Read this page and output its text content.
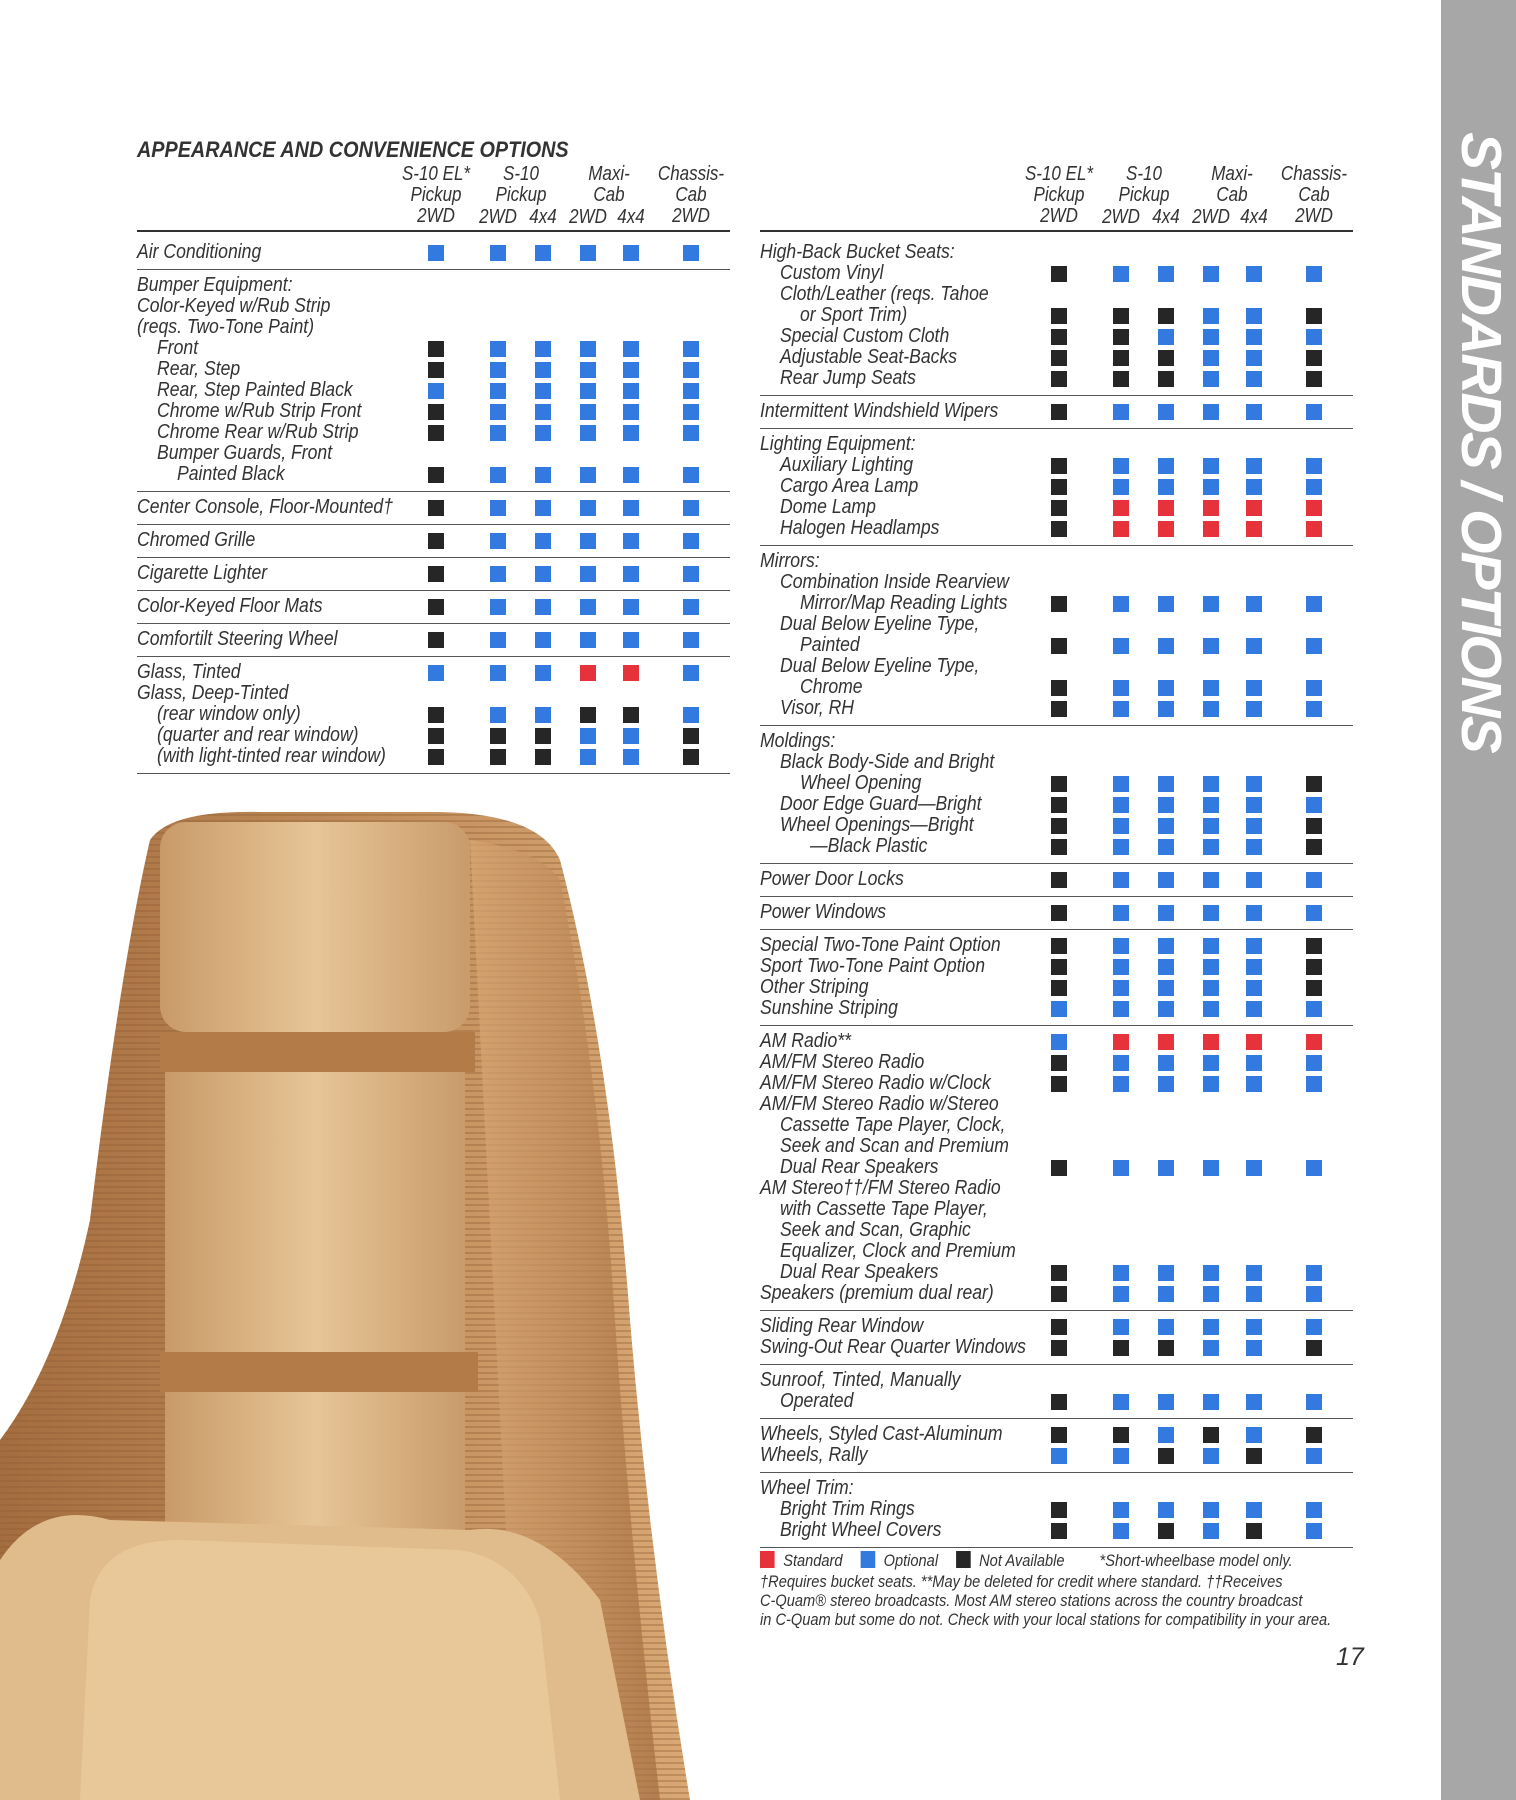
STANDARDS / OPTIONS
APPEARANCE AND CONVENIENCE OPTIONS
S-10 EL*
Pickup
2WD
S-10
Pickup
2WD 4x4
Maxi-
Cab
2WD 4x4
Chassis-
Cab
2WD
Air Conditioning
Bumper Equipment:
Color-Keyed w/Rub Strip
(reqs. Two-Tone Paint)
Front
Rear, Step
Rear, Step Painted Black
Chrome w/Rub Strip Front
Chrome Rear w/Rub Strip
Bumper Guards, Front
Painted Black
Center Console, Floor-Mounted†
Chromed Grille
Cigarette Lighter
Color-Keyed Floor Mats
Comfortilt Steering Wheel
Glass, Tinted
Glass, Deep-Tinted
(rear window only)
(quarter and rear window)
(with light-tinted rear window)
S-10 EL*
Pickup
2WD
S-10
Pickup
2WD 4x4
Maxi-
Cab
2WD 4x4
Chassis-
Cab
2WD
High-Back Bucket Seats:
Custom Vinyl
Cloth/Leather (reqs. Tahoe
or Sport Trim)
Special Custom Cloth
Adjustable Seat-Backs
Rear Jump Seats
Intermittent Windshield Wipers
Lighting Equipment:
Auxiliary Lighting
Cargo Area Lamp
Dome Lamp
Halogen Headlamps
Mirrors:
Combination Inside Rearview
Mirror/Map Reading Lights
Dual Below Eyeline Type,
Painted
Dual Below Eyeline Type,
Chrome
Visor, RH
Moldings:
Black Body-Side and Bright
Wheel Opening
Door Edge Guard—Bright
Wheel Openings—Bright
—Black Plastic
Power Door Locks
Power Windows
Special Two-Tone Paint Option
Sport Two-Tone Paint Option
Other Striping
Sunshine Striping
AM Radio**
AM/FM Stereo Radio
AM/FM Stereo Radio w/Clock
AM/FM Stereo Radio w/Stereo
Cassette Tape Player, Clock,
Seek and Scan and Premium
Dual Rear Speakers
AM Stereo††/FM Stereo Radio
with Cassette Tape Player,
Seek and Scan, Graphic
Equalizer, Clock and Premium
Dual Rear Speakers
Speakers (premium dual rear)
Sliding Rear Window
Swing-Out Rear Quarter Windows
Sunroof, Tinted, Manually
Operated
Wheels, Styled Cast-Aluminum
Wheels, Rally
Wheel Trim:
Bright Trim Rings
Bright Wheel Covers
Standard Optional Not Available *Short-wheelbase model only.
†Requires bucket seats. **May be deleted for credit where standard. ††Receives
C-Quam® stereo broadcasts. Most AM stereo stations across the country broadcast
in C-Quam but some do not. Check with your local stations for compatibility in your area.
17
